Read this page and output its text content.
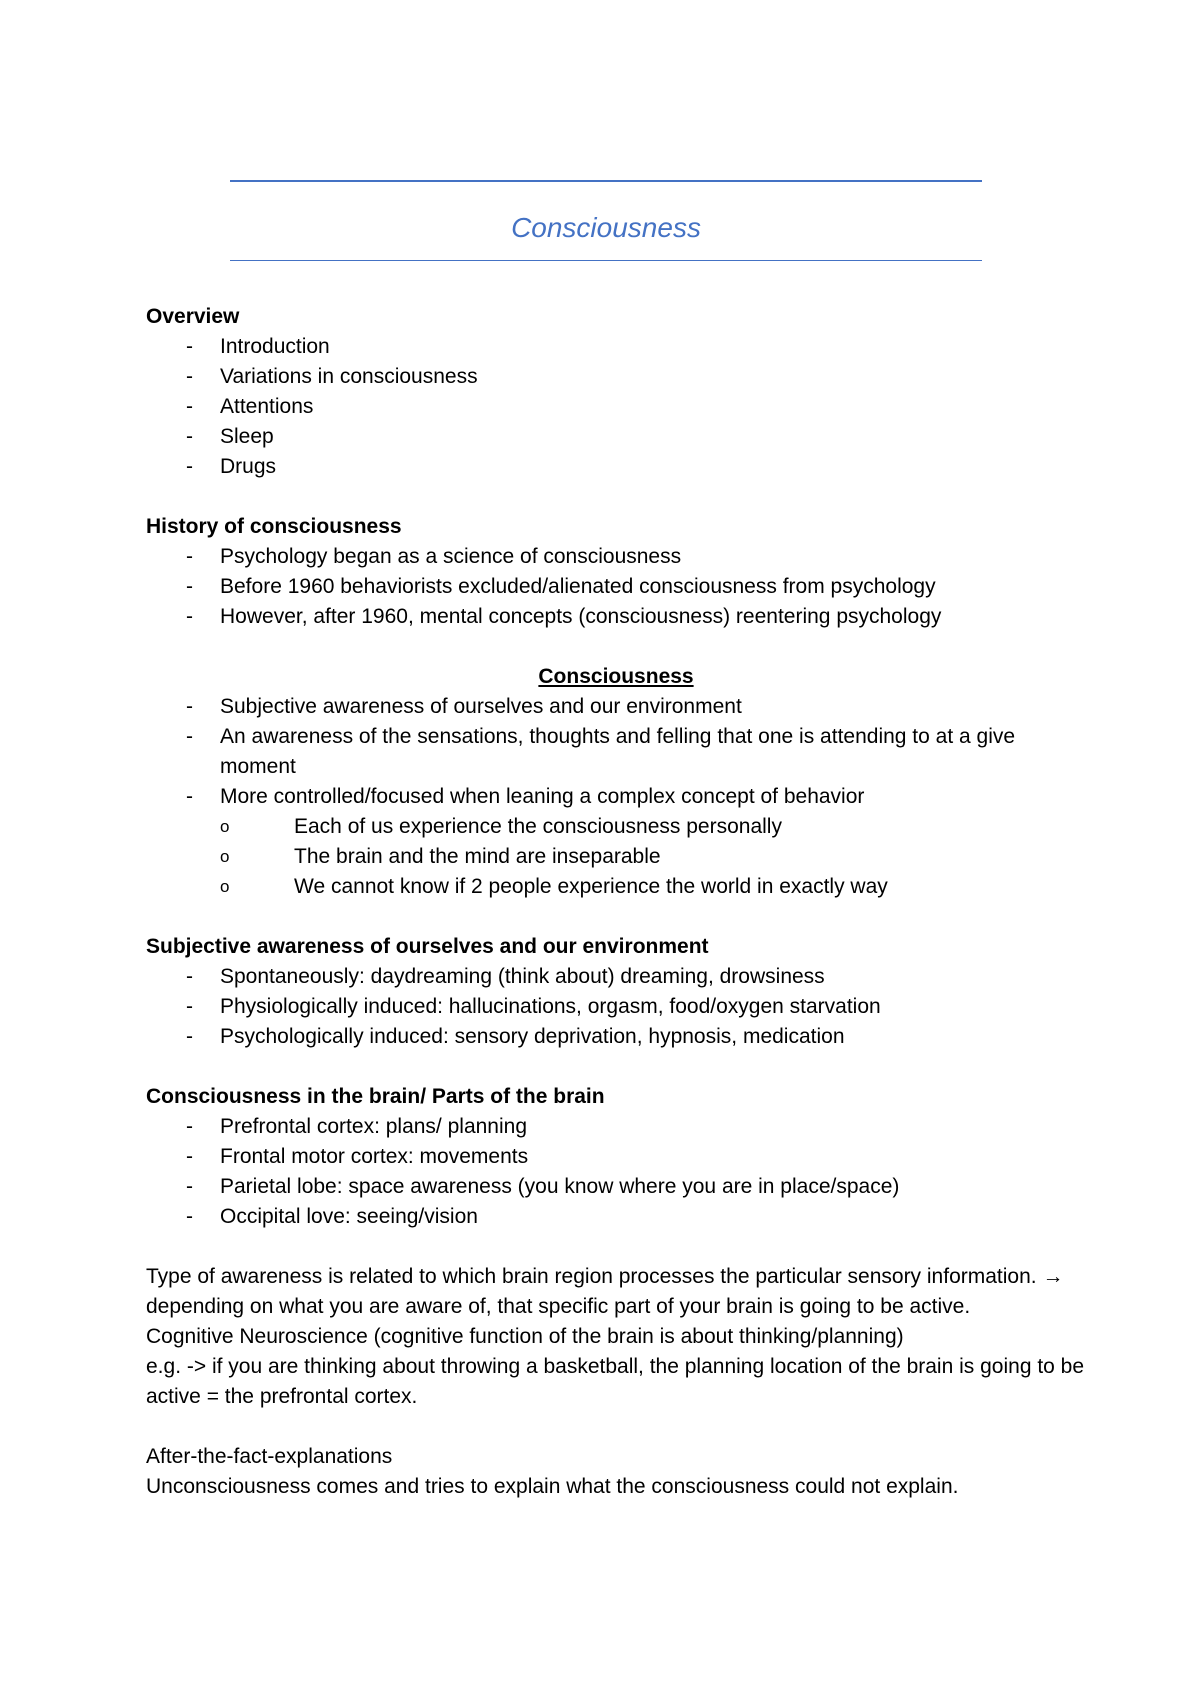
Consciousness
Overview
- Introduction
- Variations in consciousness
- Attentions
- Sleep
- Drugs
History of consciousness
- Psychology began as a science of consciousness
- Before 1960 behaviorists excluded/alienated consciousness from psychology
- However, after 1960, mental concepts (consciousness) reentering psychology
Consciousness
- Subjective awareness of ourselves and our environment
- An awareness of the sensations, thoughts and felling that one is attending to at a give moment
- More controlled/focused when leaning a complex concept of behavior
o	Each of us experience the consciousness personally
o	The brain and the mind are inseparable
o	We cannot know if 2 people experience the world in exactly way
Subjective awareness of ourselves and our environment
- Spontaneously: daydreaming (think about) dreaming, drowsiness
- Physiologically induced: hallucinations, orgasm, food/oxygen starvation
- Psychologically induced: sensory deprivation, hypnosis, medication
Consciousness in the brain/ Parts of the brain
- Prefrontal cortex: plans/ planning
- Frontal motor cortex: movements
- Parietal lobe: space awareness (you know where you are in place/space)
- Occipital love: seeing/vision

Type of awareness is related to which brain region processes the particular sensory information. → depending on what you are aware of, that specific part of your brain is going to be active.

Cognitive Neuroscience (cognitive function of the brain is about thinking/planning)

e.g. -> if you are thinking about throwing a basketball, the planning location of the brain is going to be active = the prefrontal cortex.

After-the-fact-explanations

Unconsciousness comes and tries to explain what the consciousness could not explain.
